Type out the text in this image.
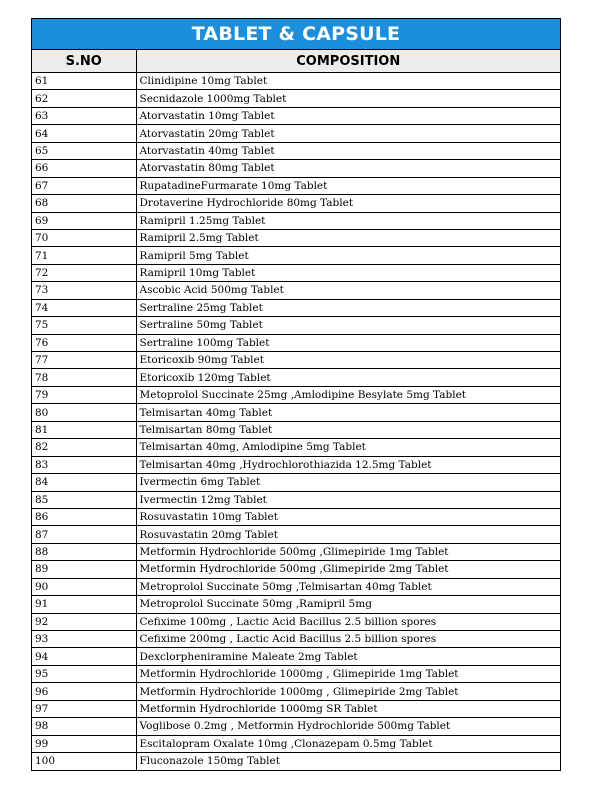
TABLET & CAPSULE
S.NO	COMPOSITION
61	Clinidipine 10mg Tablet
62	Secnidazole 1000mg Tablet
63	Atorvastatin 10mg Tablet
64	Atorvastatin 20mg Tablet
65	Atorvastatin 40mg Tablet
66	Atorvastatin 80mg Tablet
67	RupatadineFurmarate 10mg Tablet
68	Drotaverine Hydrochloride 80mg Tablet
69	Ramipril 1.25mg Tablet
70	Ramipril 2.5mg Tablet
71	Ramipril 5mg Tablet
72	Ramipril 10mg Tablet
73	Ascobic Acid 500mg Tablet
74	Sertraline 25mg Tablet
75	Sertraline 50mg Tablet
76	Sertraline 100mg Tablet
77	Etoricoxib 90mg Tablet
78	Etoricoxib 120mg Tablet
79	Metoprolol Succinate 25mg ,Amlodipine Besylate 5mg Tablet
80	Telmisartan 40mg Tablet
81	Telmisartan 80mg Tablet
82	Telmisartan 40mg, Amlodipine 5mg Tablet
83	Telmisartan 40mg ,Hydrochlorothiazida 12.5mg Tablet
84	Ivermectin 6mg Tablet
85	Ivermectin 12mg Tablet
86	Rosuvastatin 10mg Tablet
87	Rosuvastatin 20mg Tablet
88	Metformin Hydrochloride 500mg ,Glimepiride 1mg Tablet
89	Metformin Hydrochloride 500mg ,Glimepiride 2mg Tablet
90	Metroprolol Succinate 50mg ,Telmisartan 40mg Tablet
91	Metroprolol Succinate 50mg ,Ramipril 5mg
92	Cefixime 100mg , Lactic Acid Bacillus 2.5 billion spores
93	Cefixime 200mg , Lactic Acid Bacillus 2.5 billion spores
94	Dexclorpheniramine Maleate 2mg Tablet
95	Metformin Hydrochloride 1000mg , Glimepiride 1mg Tablet
96	Metformin Hydrochloride 1000mg , Glimepiride 2mg Tablet
97	Metformin Hydrochloride 1000mg SR Tablet
98	Voglibose 0.2mg , Metformin Hydrochloride 500mg Tablet
99	Escitalopram Oxalate 10mg ,Clonazepam 0.5mg Tablet
100	Fluconazole 150mg Tablet
